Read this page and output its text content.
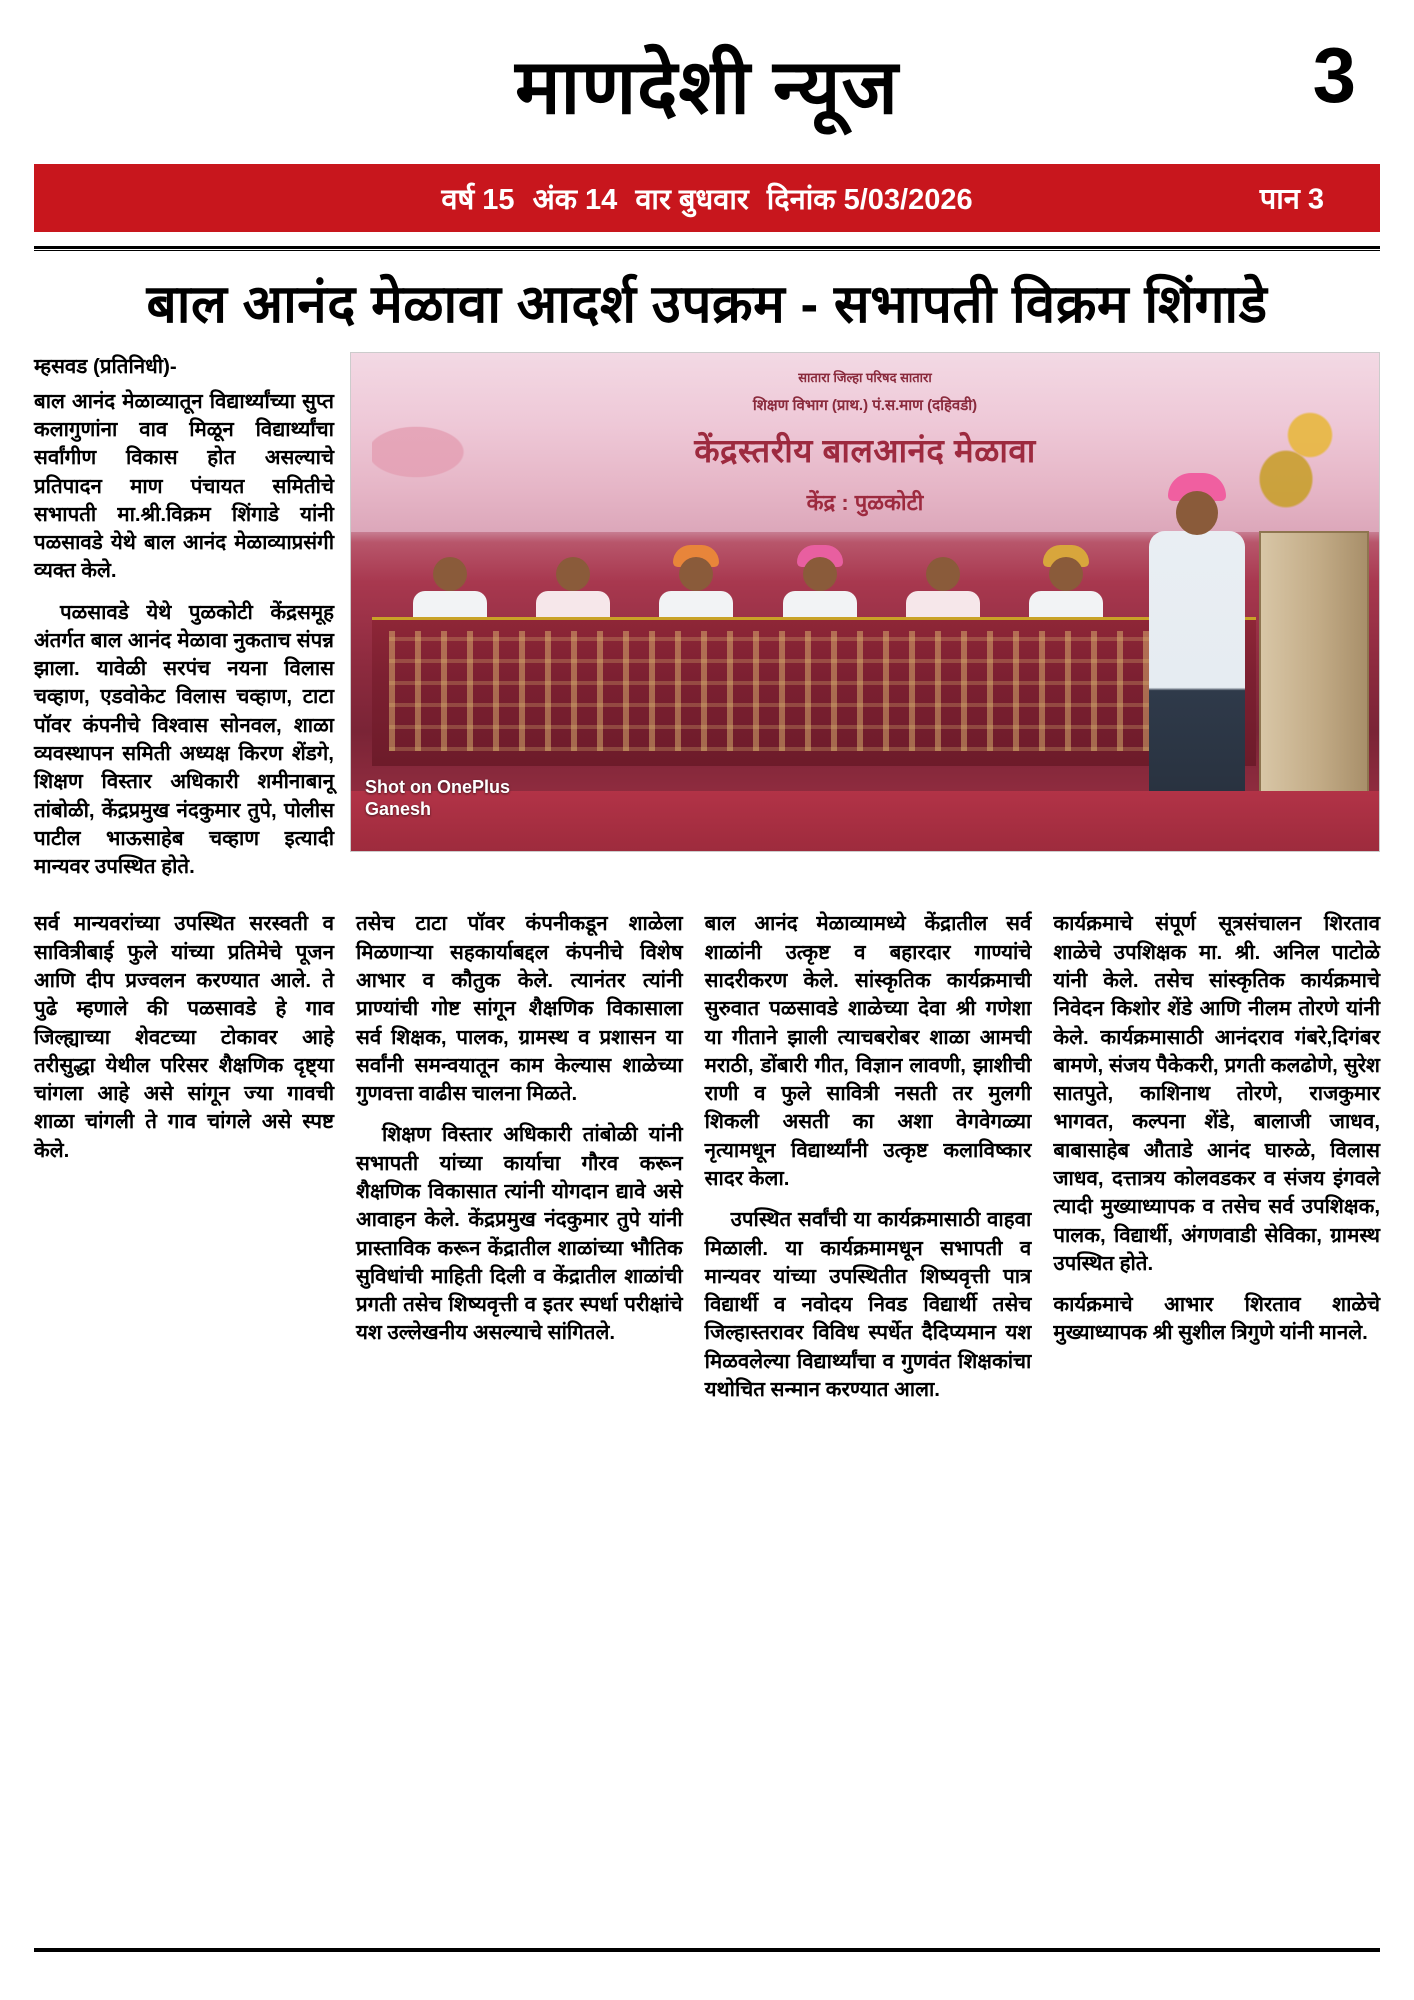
माणदेशी न्यूज	3
वर्ष 15 अंक 14 वार बुधवार दिनांक 5/03/2026	पान 3
बाल आनंद मेळावा आदर्श उपक्रम - सभापती विक्रम शिंगाडे
म्हसवड (प्रतिनिधी)-

बाल आनंद मेळाव्यातून विद्यार्थ्यांच्या सुप्त कलागुणांना वाव मिळून विद्यार्थ्यांचा सर्वांगीण विकास होत असल्याचे प्रतिपादन माण पंचायत समितीचे सभापती मा.श्री.विक्रम शिंगाडे यांनी पळसावडे येथे बाल आनंद मेळाव्याप्रसंगी व्यक्त केले.

पळसावडे येथे पुळकोटी केंद्रसमूह अंतर्गत बाल आनंद मेळावा नुकताच संपन्न झाला. यावेळी सरपंच नयना विलास चव्हाण, एडवोकेट विलास चव्हाण, टाटा पॉवर कंपनीचे विश्वास सोनवल, शाळा व्यवस्थापन समिती अध्यक्ष किरण शेंडगे, शिक्षण विस्तार अधिकारी शमीनाबानू तांबोळी, केंद्रप्रमुख नंदकुमार तुपे, पोलीस पाटील भाऊसाहेब चव्हाण इत्यादी मान्यवर उपस्थित होते.

सातारा जिल्हा परिषद सातारा
शिक्षण विभाग (प्राथ.) पं.स.माण (दहिवडी)
केंद्रस्तरीय बालआनंद मेळावा
केंद्र : पुळकोटी
Shot on OnePlus
Ganesh

सर्व मान्यवरांच्या उपस्थित सरस्वती व सावित्रीबाई फुले यांच्या प्रतिमेचे पूजन आणि दीप प्रज्वलन करण्यात आले. ते पुढे म्हणाले की पळसावडे हे गाव जिल्ह्याच्या शेवटच्या टोकावर आहे तरीसुद्धा येथील परिसर शैक्षणिक दृष्ट्या चांगला आहे असे सांगून ज्या गावची शाळा चांगली ते गाव चांगले असे स्पष्ट केले.

तसेच टाटा पॉवर कंपनीकडून शाळेला मिळणाऱ्या सहकार्याबद्दल कंपनीचे विशेष आभार व कौतुक केले. त्यानंतर त्यांनी प्राण्यांची गोष्ट सांगून शैक्षणिक विकासाला सर्व शिक्षक, पालक, ग्रामस्थ व प्रशासन या सर्वांनी समन्वयातून काम केल्यास शाळेच्या गुणवत्ता वाढीस चालना मिळते.

शिक्षण विस्तार अधिकारी तांबोळी यांनी सभापती यांच्या कार्याचा गौरव करून शैक्षणिक विकासात त्यांनी योगदान द्यावे असे आवाहन केले. केंद्रप्रमुख नंदकुमार तुपे यांनी प्रास्ताविक करून केंद्रातील शाळांच्या भौतिक सुविधांची माहिती दिली व केंद्रातील शाळांची प्रगती तसेच शिष्यवृत्ती व इतर स्पर्धा परीक्षांचे यश उल्लेखनीय असल्याचे सांगितले.

बाल आनंद मेळाव्यामध्ये केंद्रातील सर्व शाळांनी उत्कृष्ट व बहारदार गाण्यांचे सादरीकरण केले. सांस्कृतिक कार्यक्रमाची सुरुवात पळसावडे शाळेच्या देवा श्री गणेशा या गीताने झाली त्याचबरोबर शाळा आमची मराठी, डोंबारी गीत, विज्ञान लावणी, झाशीची राणी व फुले सावित्री नसती तर मुलगी शिकली असती का अशा वेगवेगळ्या नृत्यामधून विद्यार्थ्यांनी उत्कृष्ट कलाविष्कार सादर केला.

उपस्थित सर्वांची या कार्यक्रमासाठी वाहवा मिळाली. या कार्यक्रमामधून सभापती व मान्यवर यांच्या उपस्थितीत शिष्यवृत्ती पात्र विद्यार्थी व नवोदय निवड विद्यार्थी तसेच जिल्हास्तरावर विविध स्पर्धेत दैदिप्यमान यश मिळवलेल्या विद्यार्थ्यांचा व गुणवंत शिक्षकांचा यथोचित सन्मान करण्यात आला.

कार्यक्रमाचे संपूर्ण सूत्रसंचालन शिरताव शाळेचे उपशिक्षक मा. श्री. अनिल पाटोळे यांनी केले. तसेच सांस्कृतिक कार्यक्रमाचे निवेदन किशोर शेंडे आणि नीलम तोरणे यांनी केले. कार्यक्रमासाठी आनंदराव गंबरे,दिगंबर बामणे, संजय पैकेकरी, प्रगती कलढोणे, सुरेश सातपुते, काशिनाथ तोरणे, राजकुमार भागवत, कल्पना शेंडे, बालाजी जाधव, बाबासाहेब औताडे आनंद घारुळे, विलास जाधव, दत्तात्रय कोलवडकर व संजय इंगवले त्यादी मुख्याध्यापक व तसेच सर्व उपशिक्षक, पालक, विद्यार्थी, अंगणवाडी सेविका, ग्रामस्थ उपस्थित होते.

कार्यक्रमाचे आभार शिरताव शाळेचे मुख्याध्यापक श्री सुशील त्रिगुणे यांनी मानले.
